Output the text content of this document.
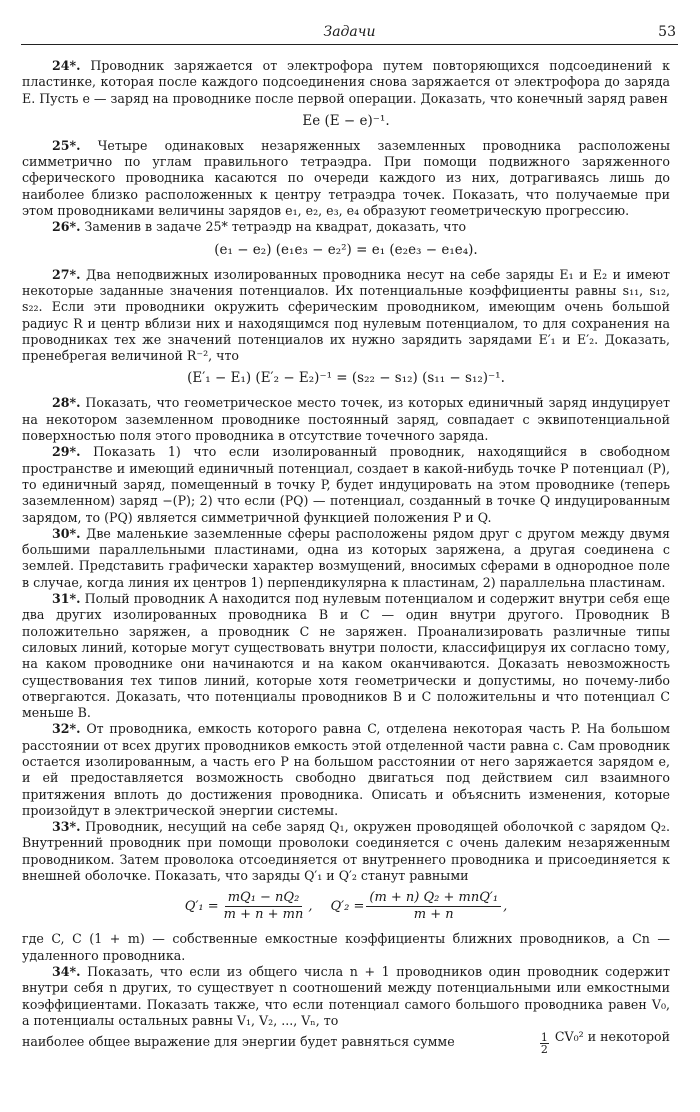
Задачи	53

24*. Проводник заряжается от электрофора путем повторяющихся подсоединений к пластинке, которая после каждого подсоединения снова заряжается от электрофора до заряда E. Пусть e — заряд на проводнике после первой операции. Доказать, что конечный заряд равен

Ee (E − e)⁻¹.

25*. Четыре одинаковых незаряженных заземленных проводника расположены симметрично по углам правильного тетраэдра. При помощи подвижного заряженного сферического проводника касаются по очереди каждого из них, дотрагиваясь лишь до наиболее близко расположенных к центру тетраэдра точек. Показать, что получаемые при этом проводниками величины зарядов e₁, e₂, e₃, e₄ образуют геометрическую прогрессию.

26*. Заменив в задаче 25* тетраэдр на квадрат, доказать, что

(e₁ − e₂) (e₁e₃ − e₂²) = e₁ (e₂e₃ − e₁e₄).

27*. Два неподвижных изолированных проводника несут на себе заряды E₁ и E₂ и имеют некоторые заданные значения потенциалов. Их потенциальные коэффициенты равны s₁₁, s₁₂, s₂₂. Если эти проводники окружить сферическим проводником, имеющим очень большой радиус R и центр вблизи них и находящимся под нулевым потенциалом, то для сохранения на проводниках тех же значений потенциалов их нужно зарядить зарядами E′₁ и E′₂. Доказать, пренебрегая величиной R⁻², что

(E′₁ − E₁) (E′₂ − E₂)⁻¹ = (s₂₂ − s₁₂) (s₁₁ − s₁₂)⁻¹.

28*. Показать, что геометрическое место точек, из которых единичный заряд индуцирует на некотором заземленном проводнике постоянный заряд, совпадает с эквипотенциальной поверхностью поля этого проводника в отсутствие точечного заряда.

29*. Показать 1) что если изолированный проводник, находящийся в свободном пространстве и имеющий единичный потенциал, создает в какой-нибудь точке P потенциал (P), то единичный заряд, помещенный в точку P, будет индуцировать на этом проводнике (теперь заземленном) заряд −(P); 2) что если (PQ) — потенциал, созданный в точке Q индуцированным зарядом, то (PQ) является симметричной функцией положения P и Q.

30*. Две маленькие заземленные сферы расположены рядом друг с другом между двумя большими параллельными пластинами, одна из которых заряжена, а другая соединена с землей. Представить графически характер возмущений, вносимых сферами в однородное поле в случае, когда линия их центров 1) перпендикулярна к пластинам, 2) параллельна пластинам.

31*. Полый проводник A находится под нулевым потенциалом и содержит внутри себя еще два других изолированных проводника B и C — один внутри другого. Проводник B положительно заряжен, а проводник C не заряжен. Проанализировать различные типы силовых линий, которые могут существовать внутри полости, классифицируя их согласно тому, на каком проводнике они начинаются и на каком оканчиваются. Доказать невозможность существования тех типов линий, которые хотя геометрически и допустимы, но почему-либо отвергаются. Доказать, что потенциалы проводников B и C положительны и что потенциал C меньше B.

32*. От проводника, емкость которого равна C, отделена некоторая часть P. На большом расстоянии от всех других проводников емкость этой отделенной части равна c. Сам проводник остается изолированным, а часть его P на большом расстоянии от него заряжается зарядом e, и ей предоставляется возможность свободно двигаться под действием сил взаимного притяжения вплоть до достижения проводника. Описать и объяснить изменения, которые произойдут в электрической энергии системы.

33*. Проводник, несущий на себе заряд Q₁, окружен проводящей оболочкой с зарядом Q₂. Внутренний проводник при помощи проволоки соединяется с очень далеким незаряженным проводником. Затем проволока отсоединяется от внутреннего проводника и присоединяется к внешней оболочке. Показать, что заряды Q′₁ и Q′₂ станут равными

$Q'_1 = \frac{\text{mQ₁ − nQ₂}}{m + n + mn}$ , $Q'_2 = \frac{\text{(m + n) Q₂ + mnQ′₁}}{m + n}$ ,

где C, C (1 + m) — собственные емкостные коэффициенты ближних проводников, а Cn — удаленного проводника.

34*. Показать, что если из общего числа n + 1 проводников один проводник содержит внутри себя n других, то существует n соотношений между потенциальными или емкостными коэффициентами. Показать также, что если потенциал самого большого проводника равен V₀, а потенциалы остальных равны V₁, V₂, ..., Vₙ, то

наиболее общее выражение для энергии будет равняться сумме	$\frac{1}{2} CV_0^2$ и некоторой
